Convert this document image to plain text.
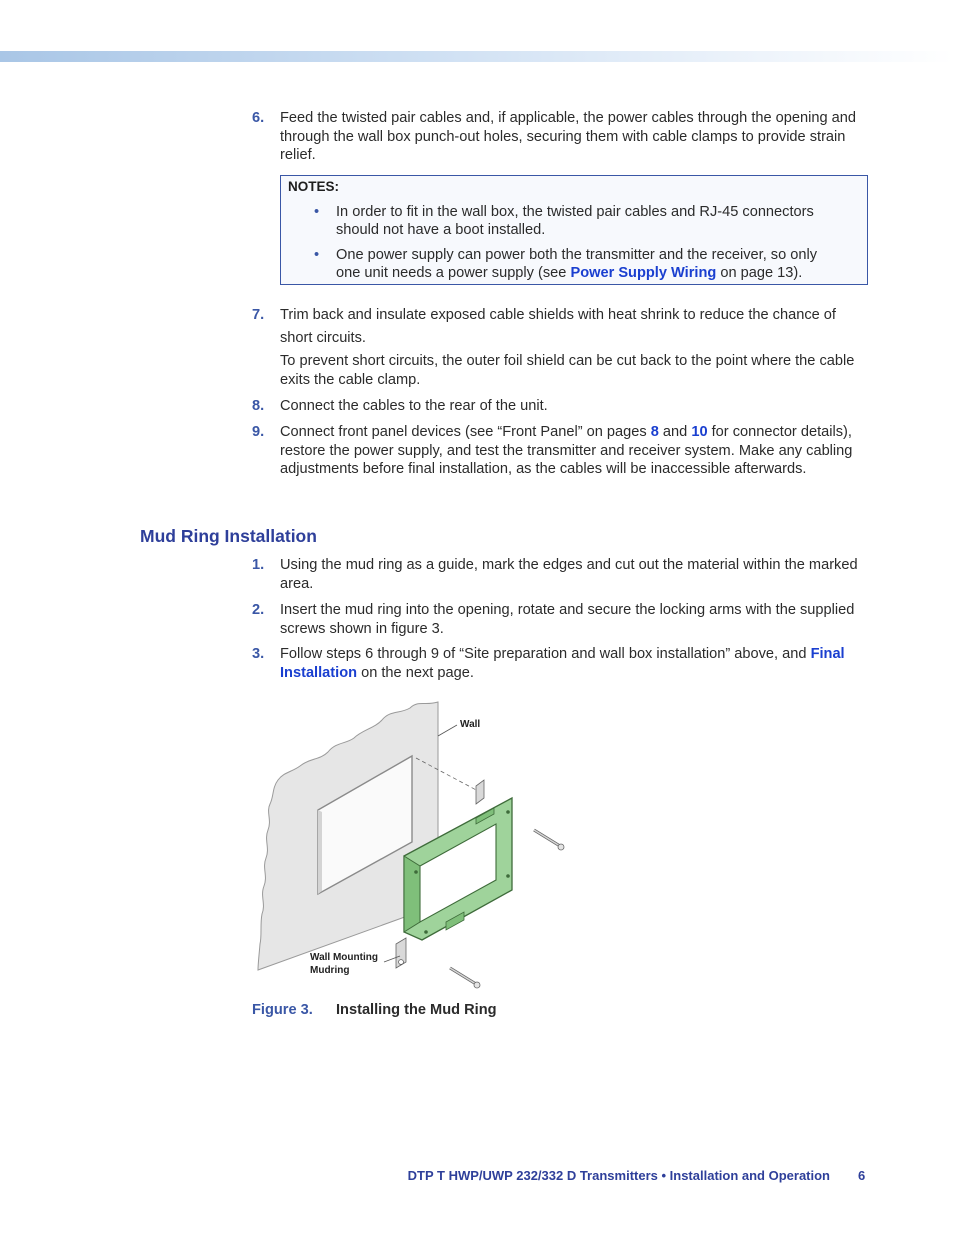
6. Feed the twisted pair cables and, if applicable, the power cables through the opening and through the wall box punch-out holes, securing them with cable clamps to provide strain relief.
NOTES:
• In order to fit in the wall box, the twisted pair cables and RJ-45 connectors should not have a boot installed.
• One power supply can power both the transmitter and the receiver, so only one unit needs a power supply (see Power Supply Wiring on page 13).
7. Trim back and insulate exposed cable shields with heat shrink to reduce the chance of short circuits.
To prevent short circuits, the outer foil shield can be cut back to the point where the cable exits the cable clamp.
8. Connect the cables to the rear of the unit.
9. Connect front panel devices (see “Front Panel” on pages 8 and 10 for connector details), restore the power supply, and test the transmitter and receiver system. Make any cabling adjustments before final installation, as the cables will be inaccessible afterwards.
Mud Ring Installation
1. Using the mud ring as a guide, mark the edges and cut out the material within the marked area.
2. Insert the mud ring into the opening, rotate and secure the locking arms with the supplied screws shown in figure 3.
3. Follow steps 6 through 9 of “Site preparation and wall box installation” above, and Final Installation on the next page.
Wall
Wall Mounting
Mudring
Figure 3. Installing the Mud Ring
DTP T HWP/UWP 232/332 D Transmitters • Installation and Operation 6
